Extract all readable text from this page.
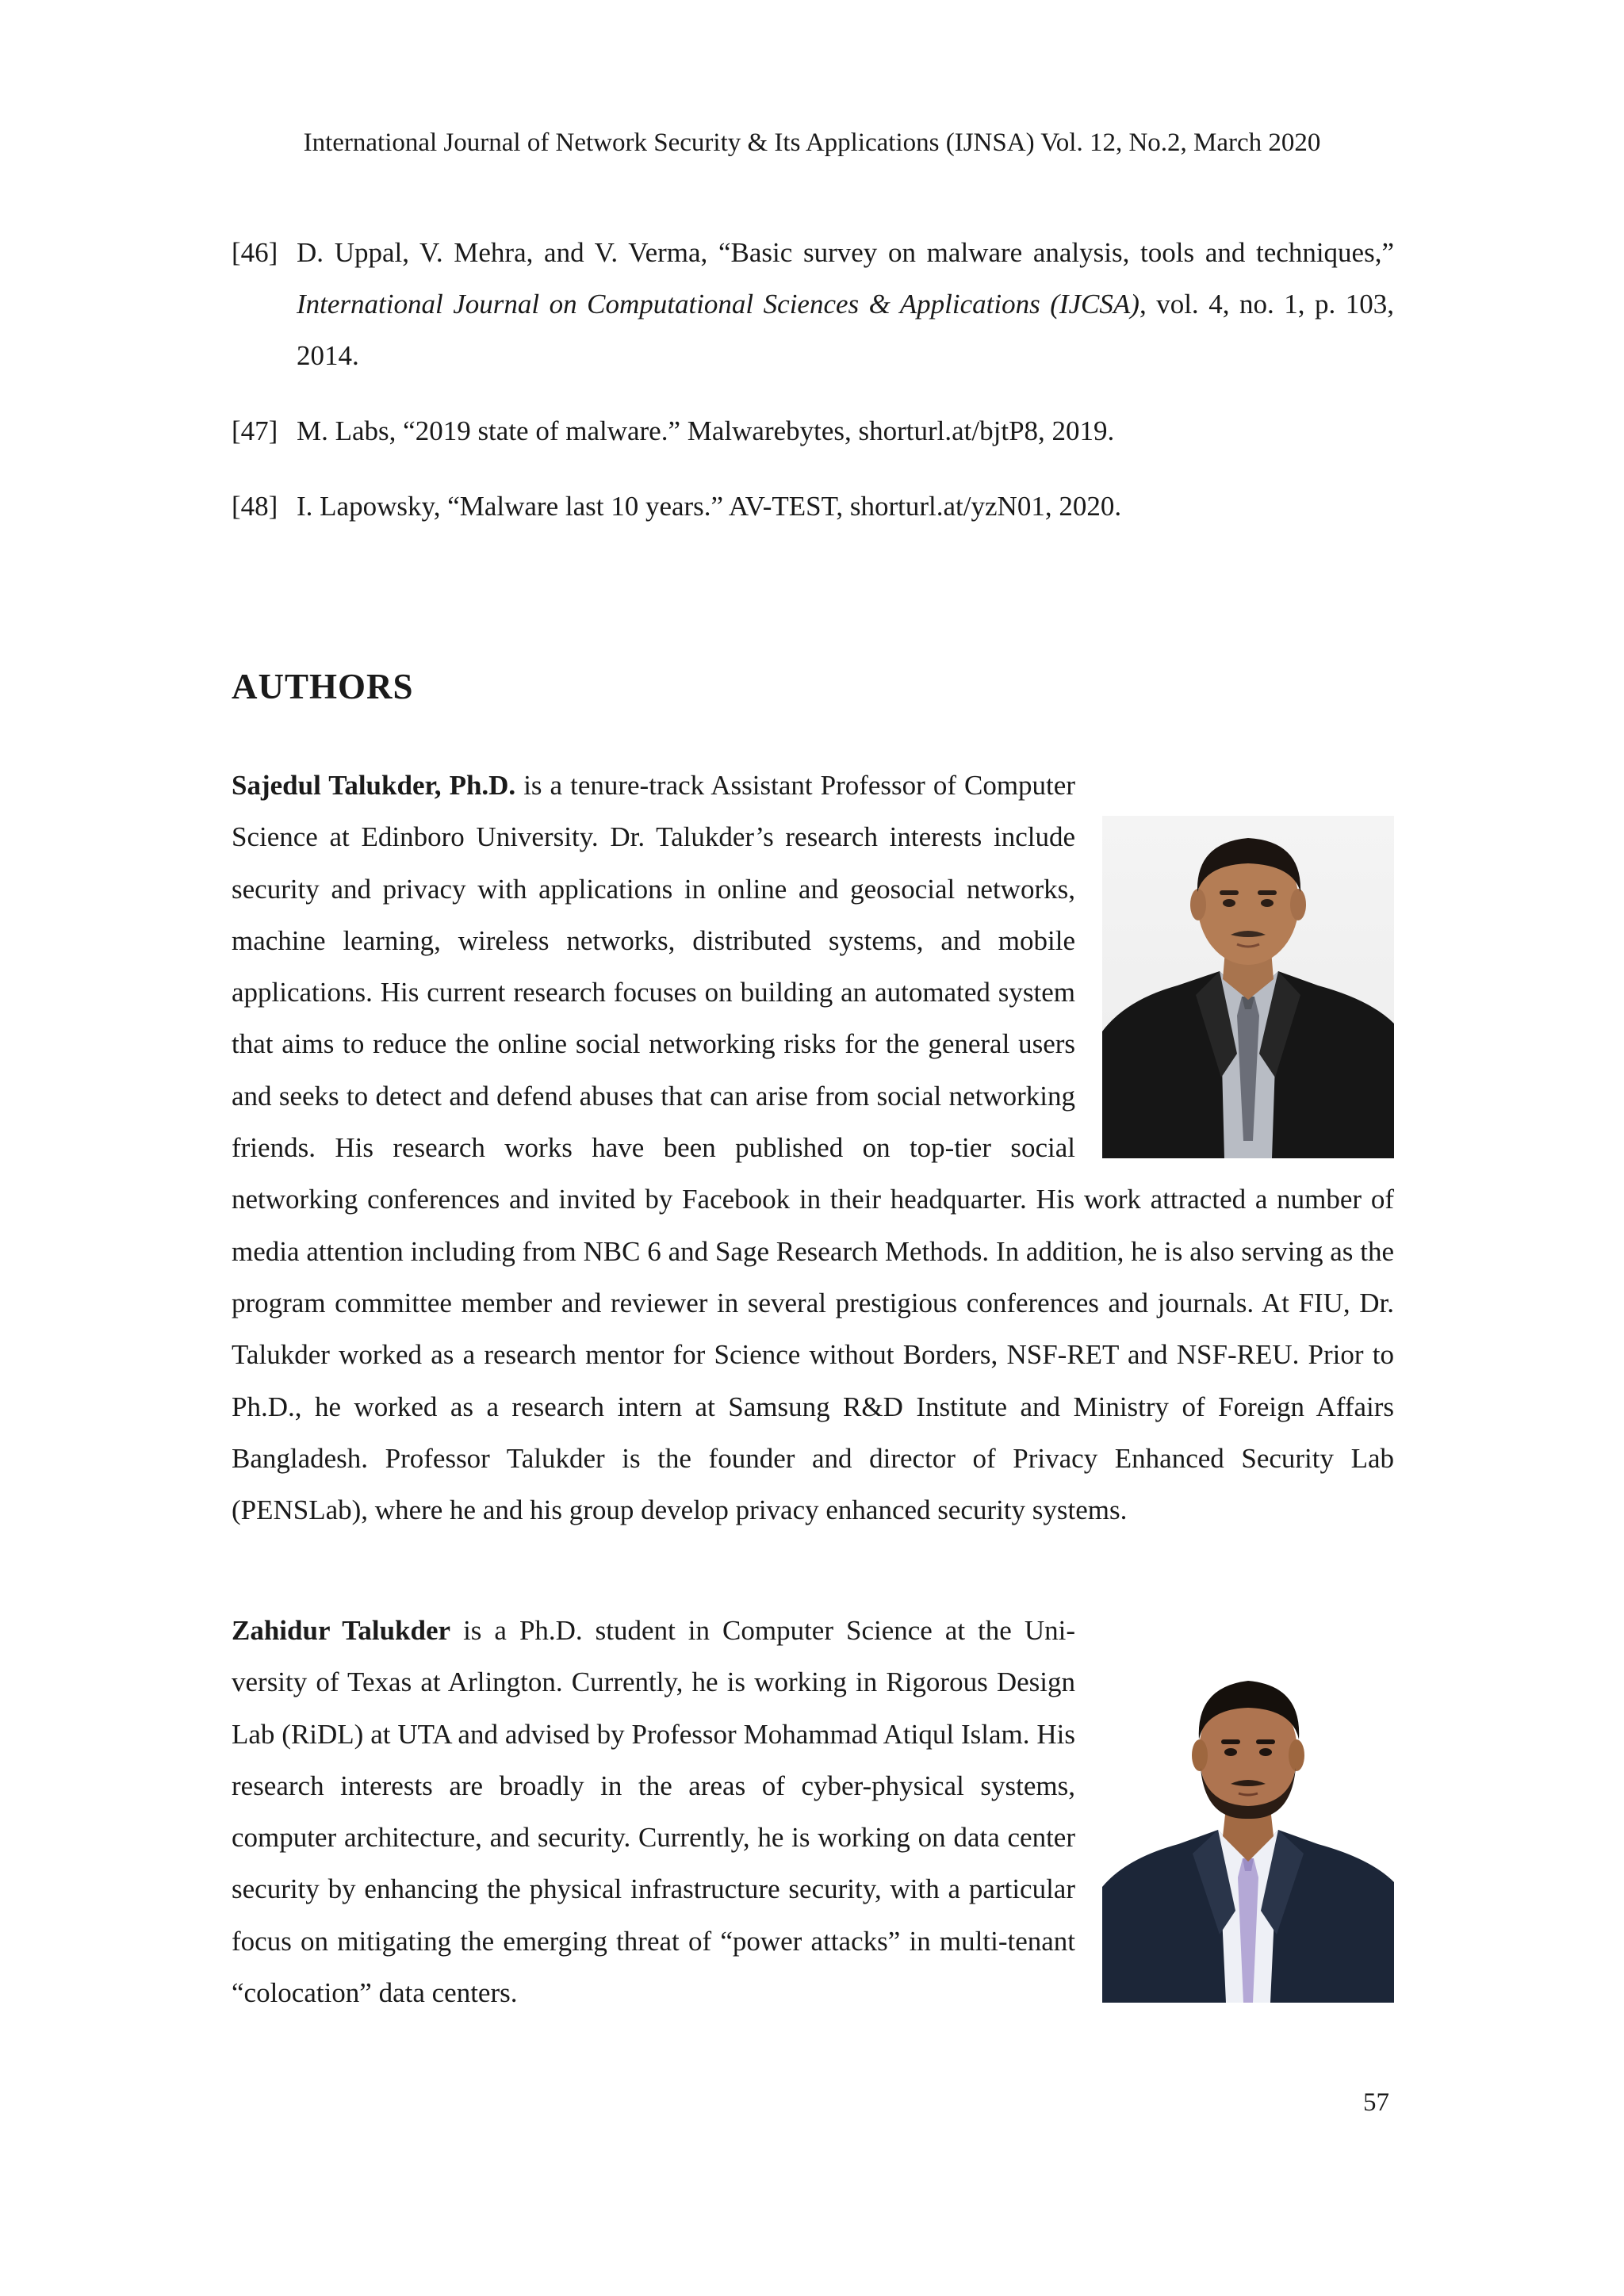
International Journal of Network Security & Its Applications (IJNSA) Vol. 12, No.2, March 2020
[46] D. Uppal, V. Mehra, and V. Verma, “Basic survey on malware analysis, tools and techniques,” International Journal on Computational Sciences & Applications (IJCSA), vol. 4, no. 1, p. 103, 2014.
[47] M. Labs, “2019 state of malware.” Malwarebytes, shorturl.at/bjtP8, 2019.
[48] I. Lapowsky, “Malware last 10 years.” AV-TEST, shorturl.at/yzN01, 2020.
AUTHORS
Sajedul Talukder, Ph.D. is a tenure-track Assistant Professor of Computer Science at Edinboro University. Dr. Talukder’s research interests include security and privacy with applications in online and geosocial networks, machine learning, wireless networks, distributed systems, and mobile applications. His current research focuses on building an automated system that aims to reduce the online social networking risks for the general users and seeks to detect and defend abuses that can arise from social networking friends. His research works have been published on top-tier social networking conferences and invited by Facebook in their headquarter. His work attracted a number of media attention including from NBC 6 and Sage Research Methods. In addition, he is also serving as the program committee member and reviewer in several prestigious conferences and journals. At FIU, Dr. Talukder worked as a research mentor for Science without Borders, NSF-RET and NSF-REU. Prior to Ph.D., he worked as a research intern at Samsung R&D Institute and Ministry of Foreign Affairs Bangladesh. Professor Talukder is the founder and director of Privacy Enhanced Security Lab (PENSLab), where he and his group develop privacy enhanced security systems.
Zahidur Talukder is a Ph.D. student in Computer Science at the University of Texas at Arlington. Currently, he is working in Rigorous Design Lab (RiDL) at UTA and advised by Professor Mohammad Atiqul Islam. His research interests are broadly in the areas of cyber-physical systems, computer architecture, and security. Currently, he is working on data center security by enhancing the physical infrastructure security, with a particular focus on mitigating the emerging threat of “power attacks” in multi-tenant “colocation” data centers.
57
